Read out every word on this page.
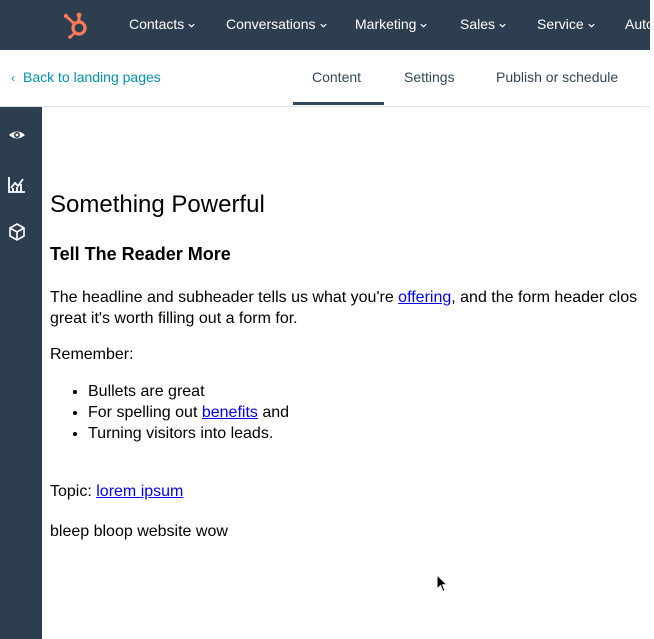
Contacts	Conversations	Marketing	Sales	Service	Auto
‹ Back to landing pages	Content	Settings	Publish or schedule
Something Powerful
Tell The Reader More
The headline and subheader tells us what you're offering, and the form header clos
great it's worth filling out a form for.
Remember:
• Bullets are great
• For spelling out benefits and
• Turning visitors into leads.
Topic: lorem ipsum
bleep bloop website wow
